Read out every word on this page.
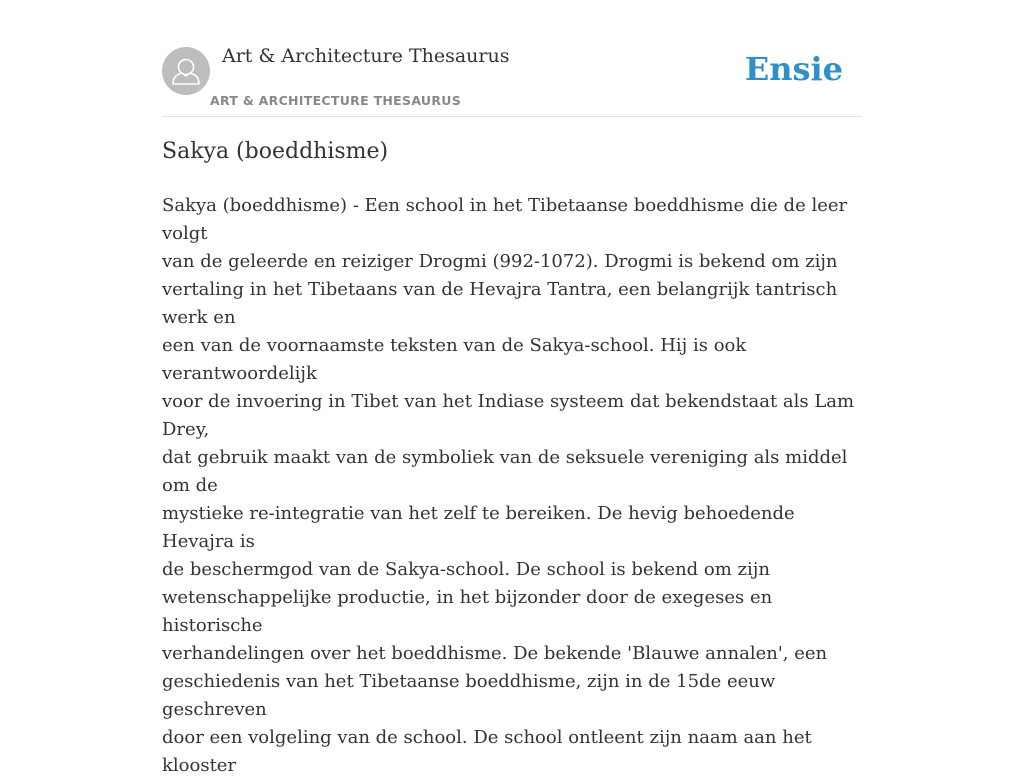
Art & Architecture Thesaurus
ART & ARCHITECTURE THESAURUS
Ensie
Sakya (boeddhisme)
Sakya (boeddhisme) - Een school in het Tibetaanse boeddhisme die de leer volgt
van de geleerde en reiziger Drogmi (992-1072). Drogmi is bekend om zijn
vertaling in het Tibetaans van de Hevajra Tantra, een belangrijk tantrisch werk en
een van de voornaamste teksten van de Sakya-school. Hij is ook verantwoordelijk
voor de invoering in Tibet van het Indiase systeem dat bekendstaat als Lam Drey,
dat gebruik maakt van de symboliek van de seksuele vereniging als middel om de
mystieke re-integratie van het zelf te bereiken. De hevig behoedende Hevajra is
de beschermgod van de Sakya-school. De school is bekend om zijn
wetenschappelijke productie, in het bijzonder door de exegeses en historische
verhandelingen over het boeddhisme. De bekende 'Blauwe annalen', een
geschiedenis van het Tibetaanse boeddhisme, zijn in de 15de eeuw geschreven
door een volgeling van de school. De school ontleent zijn naam aan het klooster
